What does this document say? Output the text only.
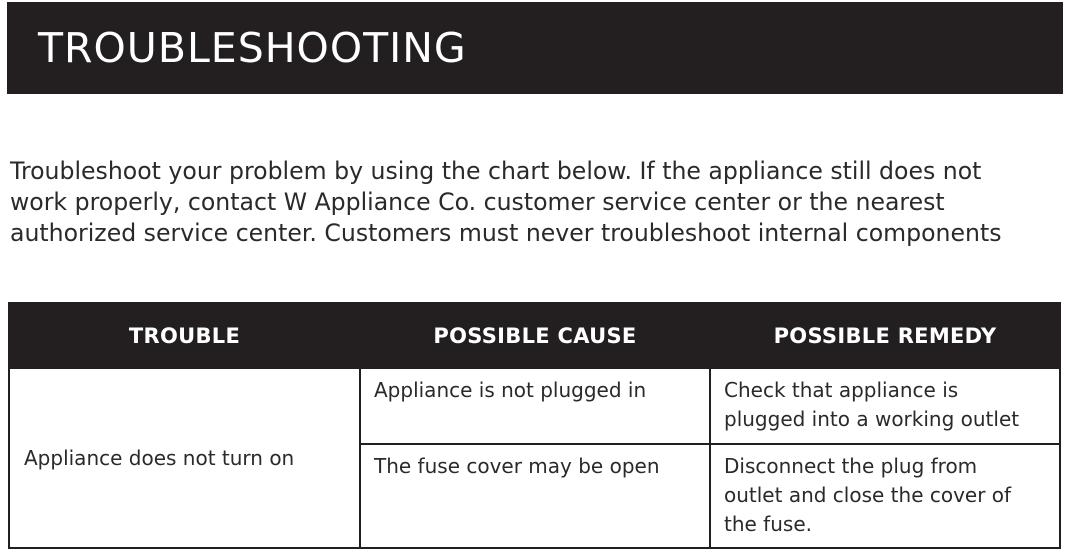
TROUBLESHOOTING

Troubleshoot your problem by using the chart below. If the appliance still does not
work properly, contact W Appliance Co. customer service center or the nearest
authorized service center. Customers must never troubleshoot internal components

TROUBLE	POSSIBLE CAUSE	POSSIBLE REMEDY

Appliance does not turn on	Appliance is not plugged in	Check that appliance is
plugged into a working outlet

	The fuse cover may be open	Disconnect the plug from
outlet and close the cover of
the fuse.
